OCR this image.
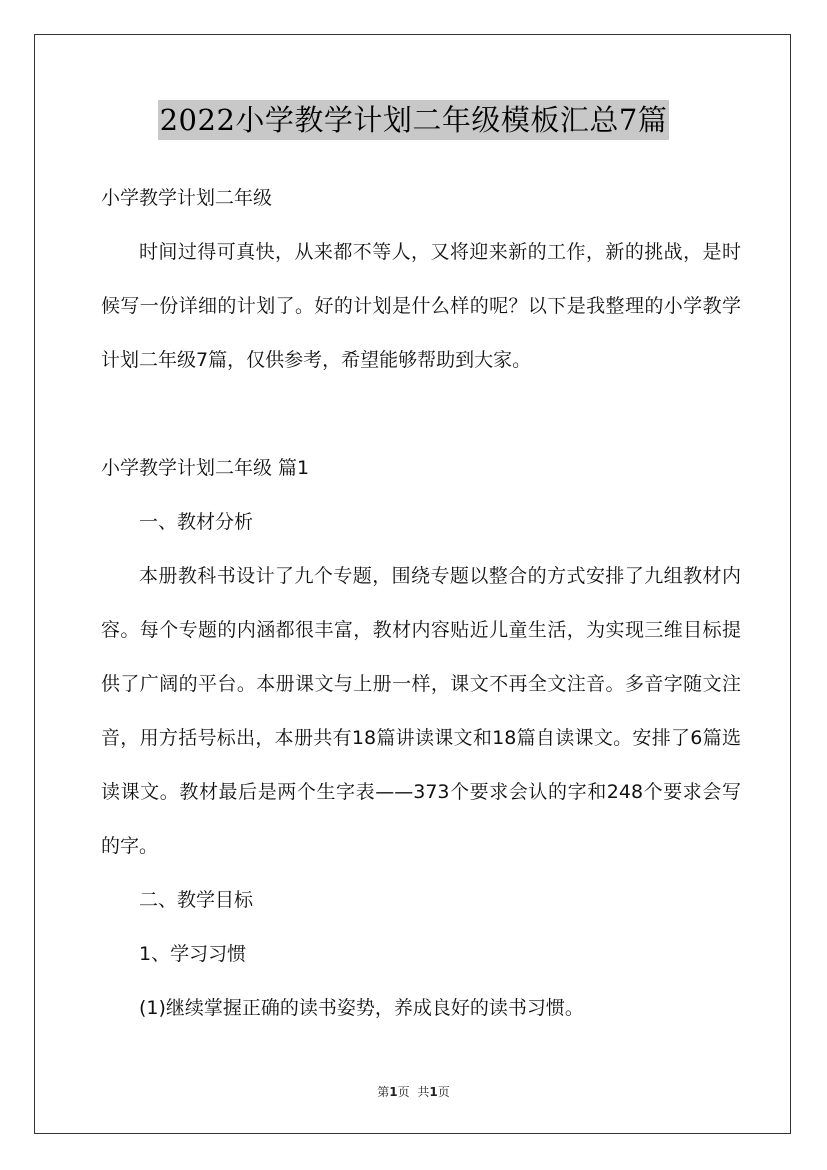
2022小学教学计划二年级模板汇总7篇

小学教学计划二年级

时间过得可真快，从来都不等人，又将迎来新的工作，新的挑战，是时候写一份详细的计划了。好的计划是什么样的呢？以下是我整理的小学教学计划二年级7篇，仅供参考，希望能够帮助到大家。

小学教学计划二年级 篇1

一、教材分析

本册教科书设计了九个专题，围绕专题以整合的方式安排了九组教材内容。每个专题的内涵都很丰富，教材内容贴近儿童生活，为实现三维目标提供了广阔的平台。本册课文与上册一样，课文不再全文注音。多音字随文注音，用方括号标出，本册共有18篇讲读课文和18篇自读课文。安排了6篇选读课文。教材最后是两个生字表——373个要求会认的字和248个要求会写的字。

二、教学目标

1、学习习惯

(1)继续掌握正确的读书姿势，养成良好的读书习惯。

第1页 共1页
